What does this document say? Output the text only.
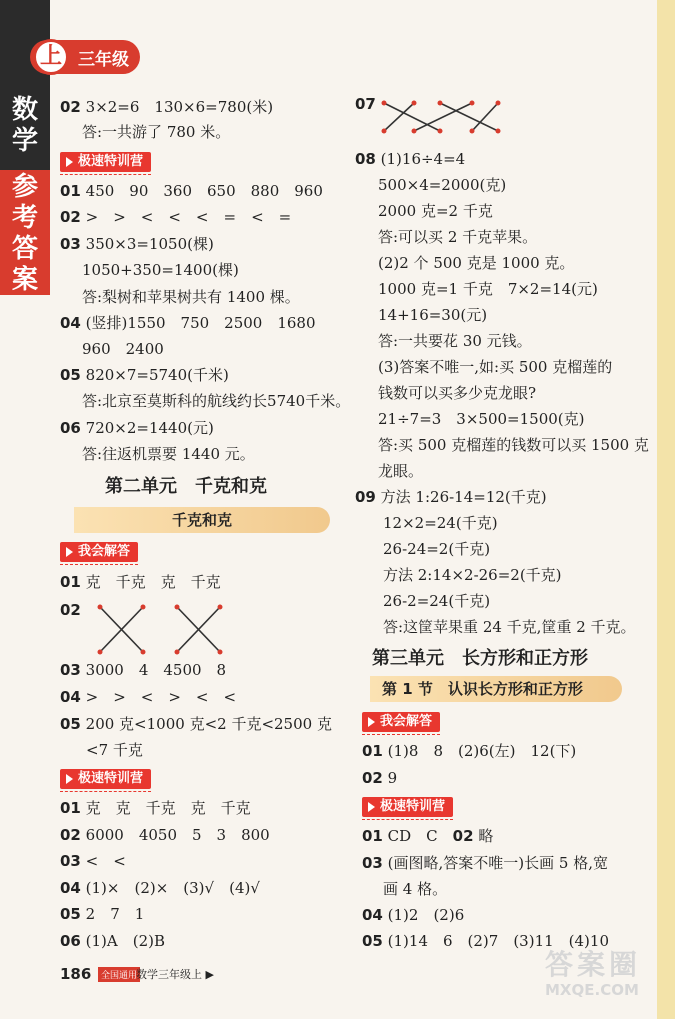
数
学
参
考
答
案
上 三年级
02 3×2=6　130×6=780(米)
答:一共游了 780 米。
极速特训营
01 450　90　360　650　880　960
02 >　>　<　<　<　=　<　=
03 350×3=1050(棵)
1050+350=1400(棵)
答:梨树和苹果树共有 1400 棵。
04 (竖排)1550　750　2500　1680
960　2400
05 820×7=5740(千米)
答:北京至莫斯科的航线约长5740千米。
06 720×2=1440(元)
答:往返机票要 1440 元。
第二单元　千克和克
千克和克
我会解答
01 克　千克　克　千克
02
03 3000　4　4500　8
04 >　>　<　>　<　<
05 200 克<1000 克<2 千克<2500 克
<7 千克
极速特训营
01 克　克　千克　克　千克
02 6000　4050　5　3　800
03 <　<
04 (1)×　(2)×　(3)√　(4)√
05 2　7　1
06 (1)A　(2)B
07
08 (1)16÷4=4
500×4=2000(克)
2000 克=2 千克
答:可以买 2 千克苹果。
(2)2 个 500 克是 1000 克。
1000 克=1 千克　7×2=14(元)
14+16=30(元)
答:一共要花 30 元钱。
(3)答案不唯一,如:买 500 克榴莲的
钱数可以买多少克龙眼?
21÷7=3　3×500=1500(克)
答:买 500 克榴莲的钱数可以买 1500 克
龙眼。
09 方法 1:26-14=12(千克)
12×2=24(千克)
26-24=2(千克)
方法 2:14×2-26=2(千克)
26-2=24(千克)
答:这筐苹果重 24 千克,筐重 2 千克。
第三单元　长方形和正方形
第 1 节　认识长方形和正方形
我会解答
01 (1)8　8　(2)6(左)　12(下)
02 9
极速特训营
01 CD　C　 02 略
03 (画图略,答案不唯一)长画 5 格,宽
画 4 格。
04 (1)2　(2)6
05 (1)14　6　(2)7　(3)11　(4)10
186	全国通用
数学三年级上 ▶	答案圈
MXQE.COM
